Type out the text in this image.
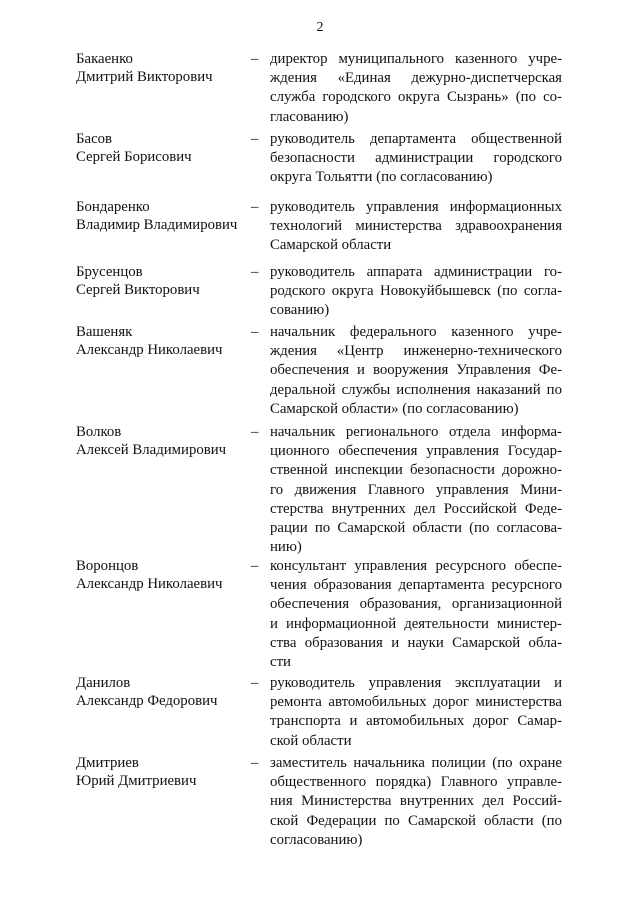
2
Бакаенко
Дмитрий Викторович
– директор муниципального казенного учре-
ждения «Единая дежурно-диспетчерская
служба городского округа Сызрань» (по со-
гласованию)
Басов
Сергей Борисович
– руководитель департамента общественной
безопасности администрации городского
округа Тольятти (по согласованию)
Бондаренко
Владимир Владимирович
– руководитель управления информационных
технологий министерства здравоохранения
Самарской области
Брусенцов
Сергей Викторович
– руководитель аппарата администрации го-
родского округа Новокуйбышевск (по согла-
сованию)
Вашеняк
Александр Николаевич
– начальник федерального казенного учре-
ждения «Центр инженерно-технического
обеспечения и вооружения Управления Фе-
деральной службы исполнения наказаний по
Самарской области» (по согласованию)
Волков
Алексей Владимирович
– начальник регионального отдела информа-
ционного обеспечения управления Государ-
ственной инспекции безопасности дорожно-
го движения Главного управления Мини-
стерства внутренних дел Российской Феде-
рации по Самарской области (по согласова-
нию)
Воронцов
Александр Николаевич
– консультант управления ресурсного обеспе-
чения образования департамента ресурсного
обеспечения образования, организационной
и информационной деятельности министер-
ства образования и науки Самарской обла-
сти
Данилов
Александр Федорович
– руководитель управления эксплуатации и
ремонта автомобильных дорог министерства
транспорта и автомобильных дорог Самар-
ской области
Дмитриев
Юрий Дмитриевич
– заместитель начальника полиции (по охране
общественного порядка) Главного управле-
ния Министерства внутренних дел Россий-
ской Федерации по Самарской области (по
согласованию)
